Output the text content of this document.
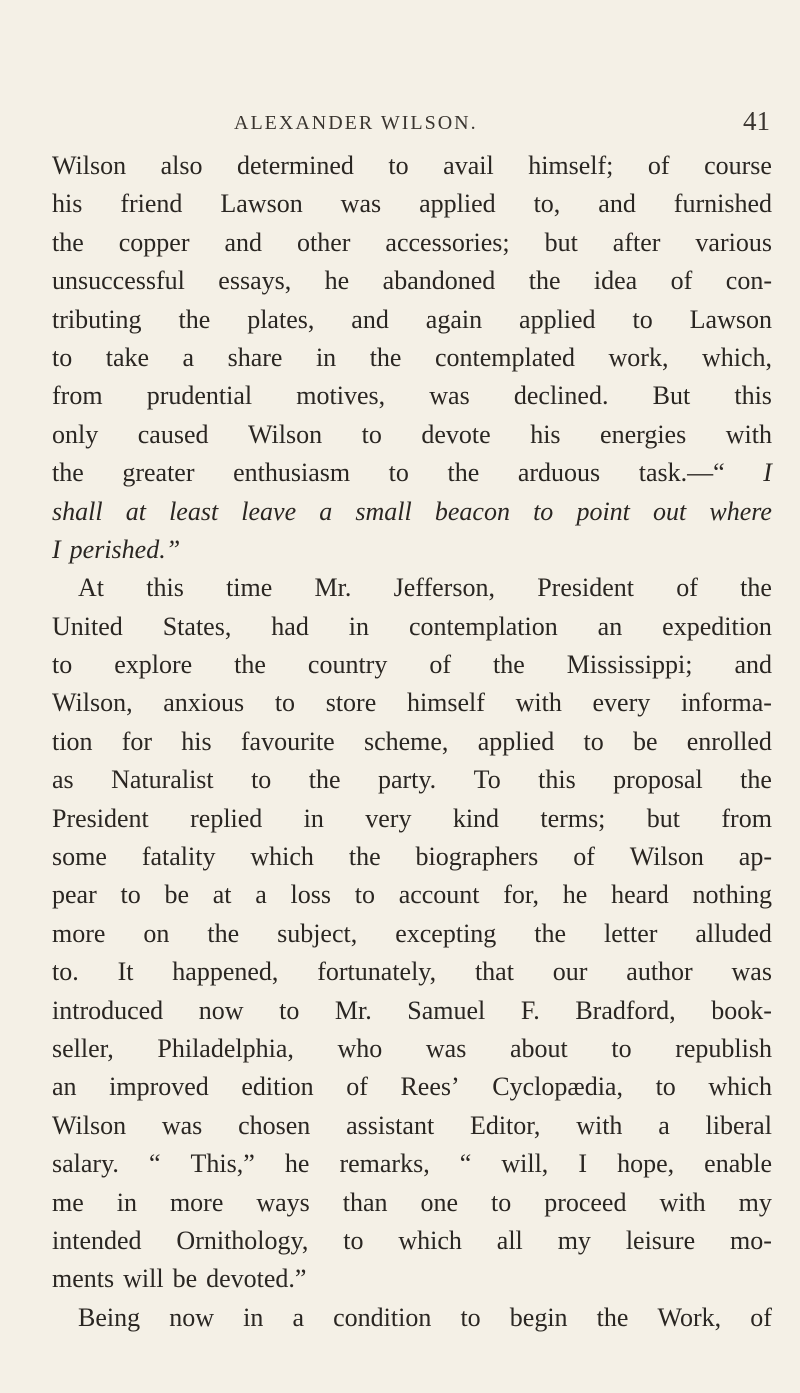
ALEXANDER WILSON.	41
Wilson also determined to avail himself; of course
his friend Lawson was applied to, and furnished
the copper and other accessories; but after various
unsuccessful essays, he abandoned the idea of con-
tributing the plates, and again applied to Lawson
to take a share in the contemplated work, which,
from prudential motives, was declined. But this
only caused Wilson to devote his energies with
the greater enthusiasm to the arduous task.—“ I
shall at least leave a small beacon to point out where
I perished.”
At this time Mr. Jefferson, President of the
United States, had in contemplation an expedition
to explore the country of the Mississippi; and
Wilson, anxious to store himself with every informa-
tion for his favourite scheme, applied to be enrolled
as Naturalist to the party. To this proposal the
President replied in very kind terms; but from
some fatality which the biographers of Wilson ap-
pear to be at a loss to account for, he heard nothing
more on the subject, excepting the letter alluded
to. It happened, fortunately, that our author was
introduced now to Mr. Samuel F. Bradford, book-
seller, Philadelphia, who was about to republish
an improved edition of Rees’ Cyclopædia, to which
Wilson was chosen assistant Editor, with a liberal
salary. “ This,” he remarks, “ will, I hope, enable
me in more ways than one to proceed with my
intended Ornithology, to which all my leisure mo-
ments will be devoted.”
Being now in a condition to begin the Work, of
